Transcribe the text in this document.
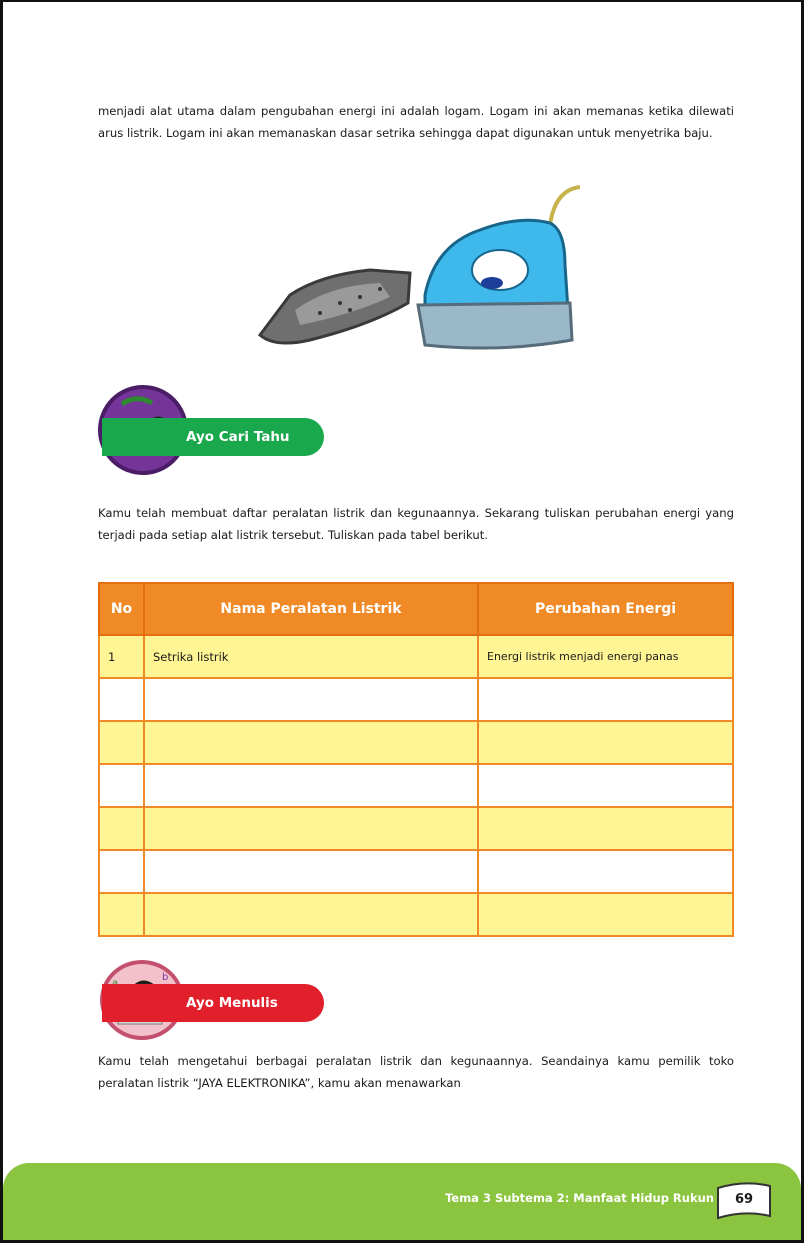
menjadi alat utama dalam pengubahan energi ini adalah logam. Logam ini akan memanas ketika dilewati arus listrik. Logam ini akan memanaskan dasar setrika sehingga dapat digunakan untuk menyetrika baju.

Ayo Cari Tahu

Kamu telah membuat daftar peralatan listrik dan kegunaannya. Sekarang tuliskan perubahan energi yang terjadi pada setiap alat listrik tersebut. Tuliskan pada tabel berikut.

No	Nama Peralatan Listrik	Perubahan Energi
1	Setrika listrik	Energi listrik menjadi energi panas

b
Ayo Menulis

Kamu telah mengetahui berbagai peralatan listrik dan kegunaannya. Seandainya kamu pemilik toko peralatan listrik “JAYA ELEKTRONIKA”, kamu akan menawarkan

Tema 3 Subtema 2: Manfaat Hidup Rukun	69
